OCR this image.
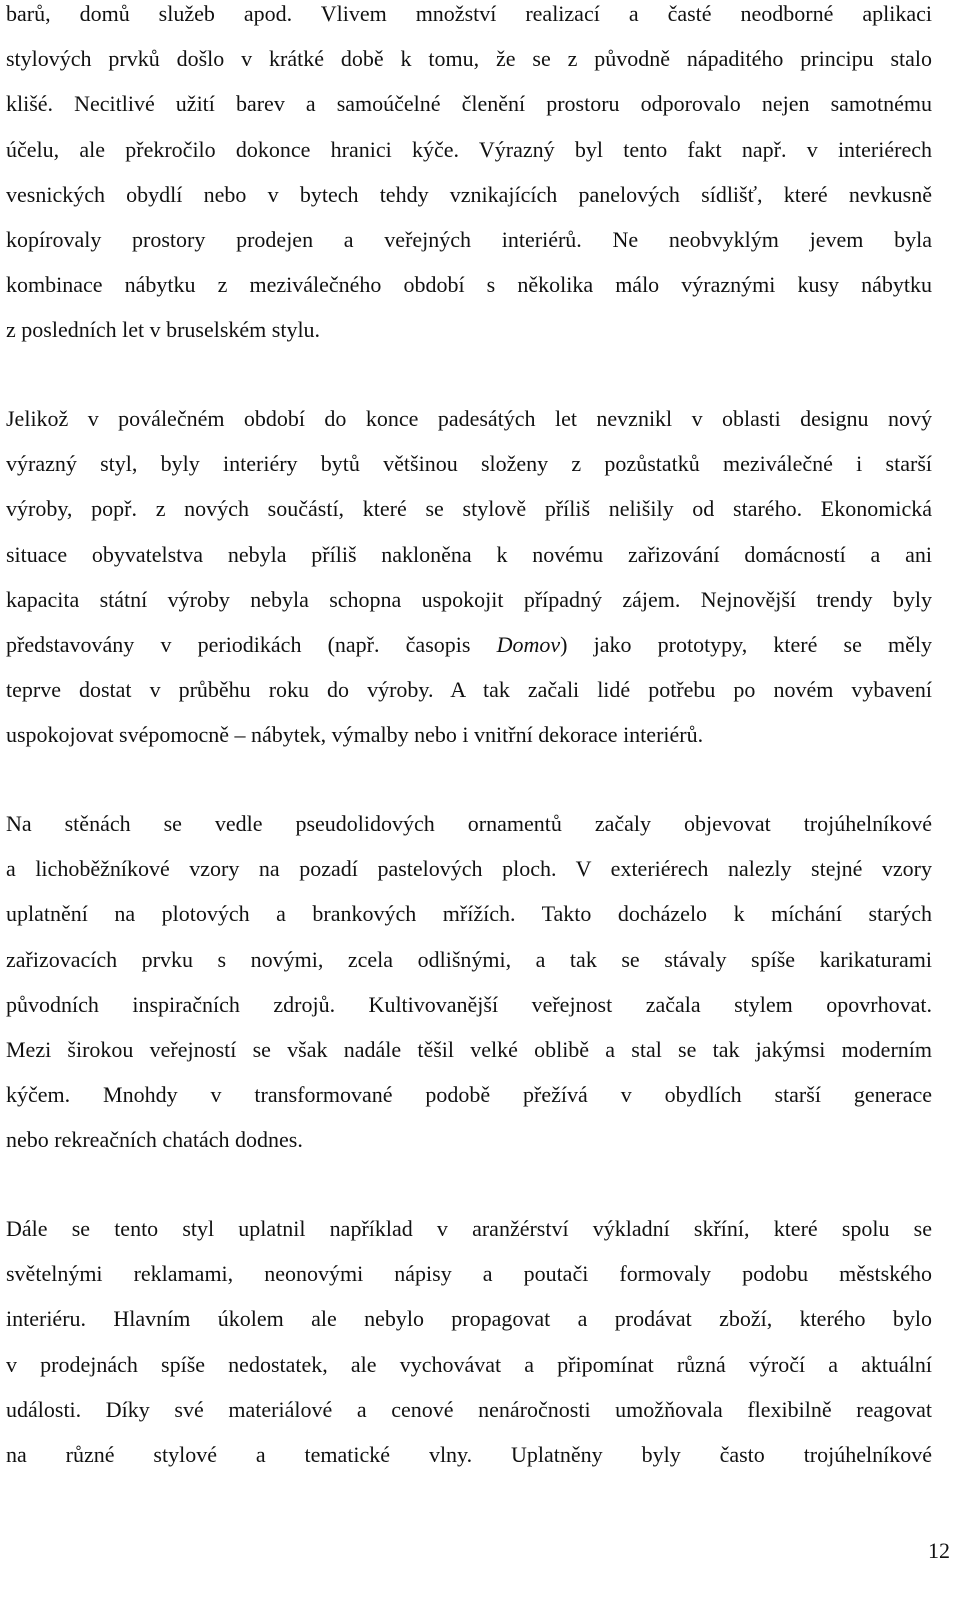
barů, domů služeb apod. Vlivem množství realizací a časté neodborné aplikaci
stylových prvků došlo v krátké době k tomu, že se z původně nápaditého principu stalo
klišé. Necitlivé užití barev a samoúčelné členění prostoru odporovalo nejen samotnému
účelu, ale překročilo dokonce hranici kýče. Výrazný byl tento fakt např. v interiérech
vesnických obydlí nebo v bytech tehdy vznikajících panelových sídlišť, které nevkusně
kopírovaly prostory prodejen a veřejných interiérů. Ne neobvyklým jevem byla
kombinace nábytku z meziválečného období s několika málo výraznými kusy nábytku
z posledních let v bruselském stylu.
Jelikož v poválečném období do konce padesátých let nevznikl v oblasti designu nový
výrazný styl, byly interiéry bytů většinou složeny z pozůstatků meziválečné i starší
výroby, popř. z nových součástí, které se stylově příliš nelišily od starého. Ekonomická
situace obyvatelstva nebyla příliš nakloněna k novému zařizování domácností a ani
kapacita státní výroby nebyla schopna uspokojit případný zájem. Nejnovější trendy byly
představovány v periodikách (např. časopis Domov) jako prototypy, které se měly
teprve dostat v průběhu roku do výroby. A tak začali lidé potřebu po novém vybavení
uspokojovat svépomocně – nábytek, výmalby nebo i vnitřní dekorace interiérů.
Na stěnách se vedle pseudolidových ornamentů začaly objevovat trojúhelníkové
a lichoběžníkové vzory na pozadí pastelových ploch. V exteriérech nalezly stejné vzory
uplatnění na plotových a brankových mřížích. Takto docházelo k míchání starých
zařizovacích prvku s novými, zcela odlišnými, a tak se stávaly spíše karikaturami
původních inspiračních zdrojů. Kultivovanější veřejnost začala stylem opovrhovat.
Mezi širokou veřejností se však nadále těšil velké oblibě a stal se tak jakýmsi moderním
kýčem. Mnohdy v transformované podobě přežívá v obydlích starší generace
nebo rekreačních chatách dodnes.
Dále se tento styl uplatnil například v aranžérství výkladní skříní, které spolu se
světelnými reklamami, neonovými nápisy a poutači formovaly podobu městského
interiéru. Hlavním úkolem ale nebylo propagovat a prodávat zboží, kterého bylo
v prodejnách spíše nedostatek, ale vychovávat a připomínat různá výročí a aktuální
události. Díky své materiálové a cenové nenáročnosti umožňovala flexibilně reagovat
na různé stylové a tematické vlny. Uplatněny byly často trojúhelníkové
12
